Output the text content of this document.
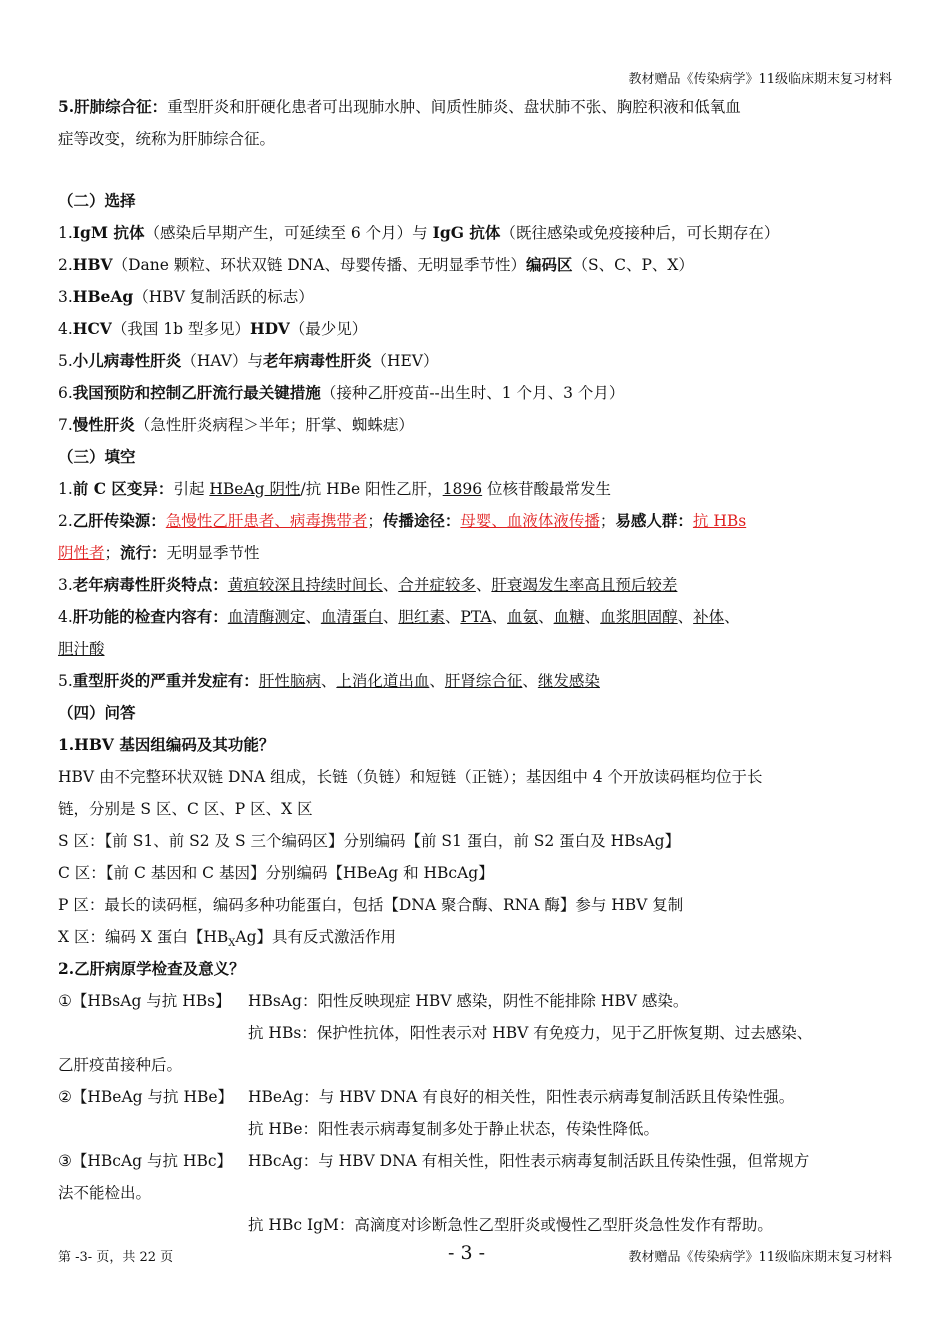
教材赠品《传染病学》11级临床期末复习材料
5.肝肺综合征：重型肝炎和肝硬化患者可出现肺水肿、间质性肺炎、盘状肺不张、胸腔积液和低氧血
症等改变，统称为肝肺综合征。
（二）选择
1.IgM 抗体（感染后早期产生，可延续至 6 个月）与 IgG 抗体（既往感染或免疫接种后，可长期存在）
2.HBV（Dane 颗粒、环状双链 DNA、母婴传播、无明显季节性）编码区（S、C、P、X）
3.HBeAg（HBV 复制活跃的标志）
4.HCV（我国 1b 型多见）HDV（最少见）
5.小儿病毒性肝炎（HAV）与老年病毒性肝炎（HEV）
6.我国预防和控制乙肝流行最关键措施（接种乙肝疫苗--出生时、1 个月、3 个月）
7.慢性肝炎（急性肝炎病程＞半年；肝掌、蜘蛛痣）
（三）填空
1.前 C 区变异：引起 HBeAg 阴性/抗 HBe 阳性乙肝，1896 位核苷酸最常发生
2.乙肝传染源：急慢性乙肝患者、病毒携带者；传播途径：母婴、血液体液传播；易感人群：抗 HBs
阴性者；流行：无明显季节性
3.老年病毒性肝炎特点：黄疸较深且持续时间长、合并症较多、肝衰竭发生率高且预后较差
4.肝功能的检查内容有：血清酶测定、血清蛋白、胆红素、PTA、血氨、血糖、血浆胆固醇、补体、
胆汁酸
5.重型肝炎的严重并发症有：肝性脑病、上消化道出血、肝肾综合征、继发感染
（四）问答
1.HBV 基因组编码及其功能？
HBV 由不完整环状双链 DNA 组成，长链（负链）和短链（正链）；基因组中 4 个开放读码框均位于长
链，分别是 S 区、C 区、P 区、X 区
S 区：【前 S1、前 S2 及 S 三个编码区】分别编码【前 S1 蛋白，前 S2 蛋白及 HBsAg】
C 区：【前 C 基因和 C 基因】分别编码【HBeAg 和 HBcAg】
P 区：最长的读码框，编码多种功能蛋白，包括【DNA 聚合酶、RNA 酶】参与 HBV 复制
X 区：编码 X 蛋白【$HB_XAg$】具有反式激活作用
2.乙肝病原学检查及意义？
①【HBsAg 与抗 HBs】 HBsAg：阳性反映现症 HBV 感染，阴性不能排除 HBV 感染。
抗 HBs：保护性抗体，阳性表示对 HBV 有免疫力，见于乙肝恢复期、过去感染、
乙肝疫苗接种后。
②【HBeAg 与抗 HBe】 HBeAg：与 HBV DNA 有良好的相关性，阳性表示病毒复制活跃且传染性强。
抗 HBe：阳性表示病毒复制多处于静止状态，传染性降低。
③【HBcAg 与抗 HBc】 HBcAg：与 HBV DNA 有相关性，阳性表示病毒复制活跃且传染性强，但常规方
法不能检出。
抗 HBc IgM：高滴度对诊断急性乙型肝炎或慢性乙型肝炎急性发作有帮助。
第 -3- 页，共 22 页	- 3 -	教材赠品《传染病学》11级临床期末复习材料
